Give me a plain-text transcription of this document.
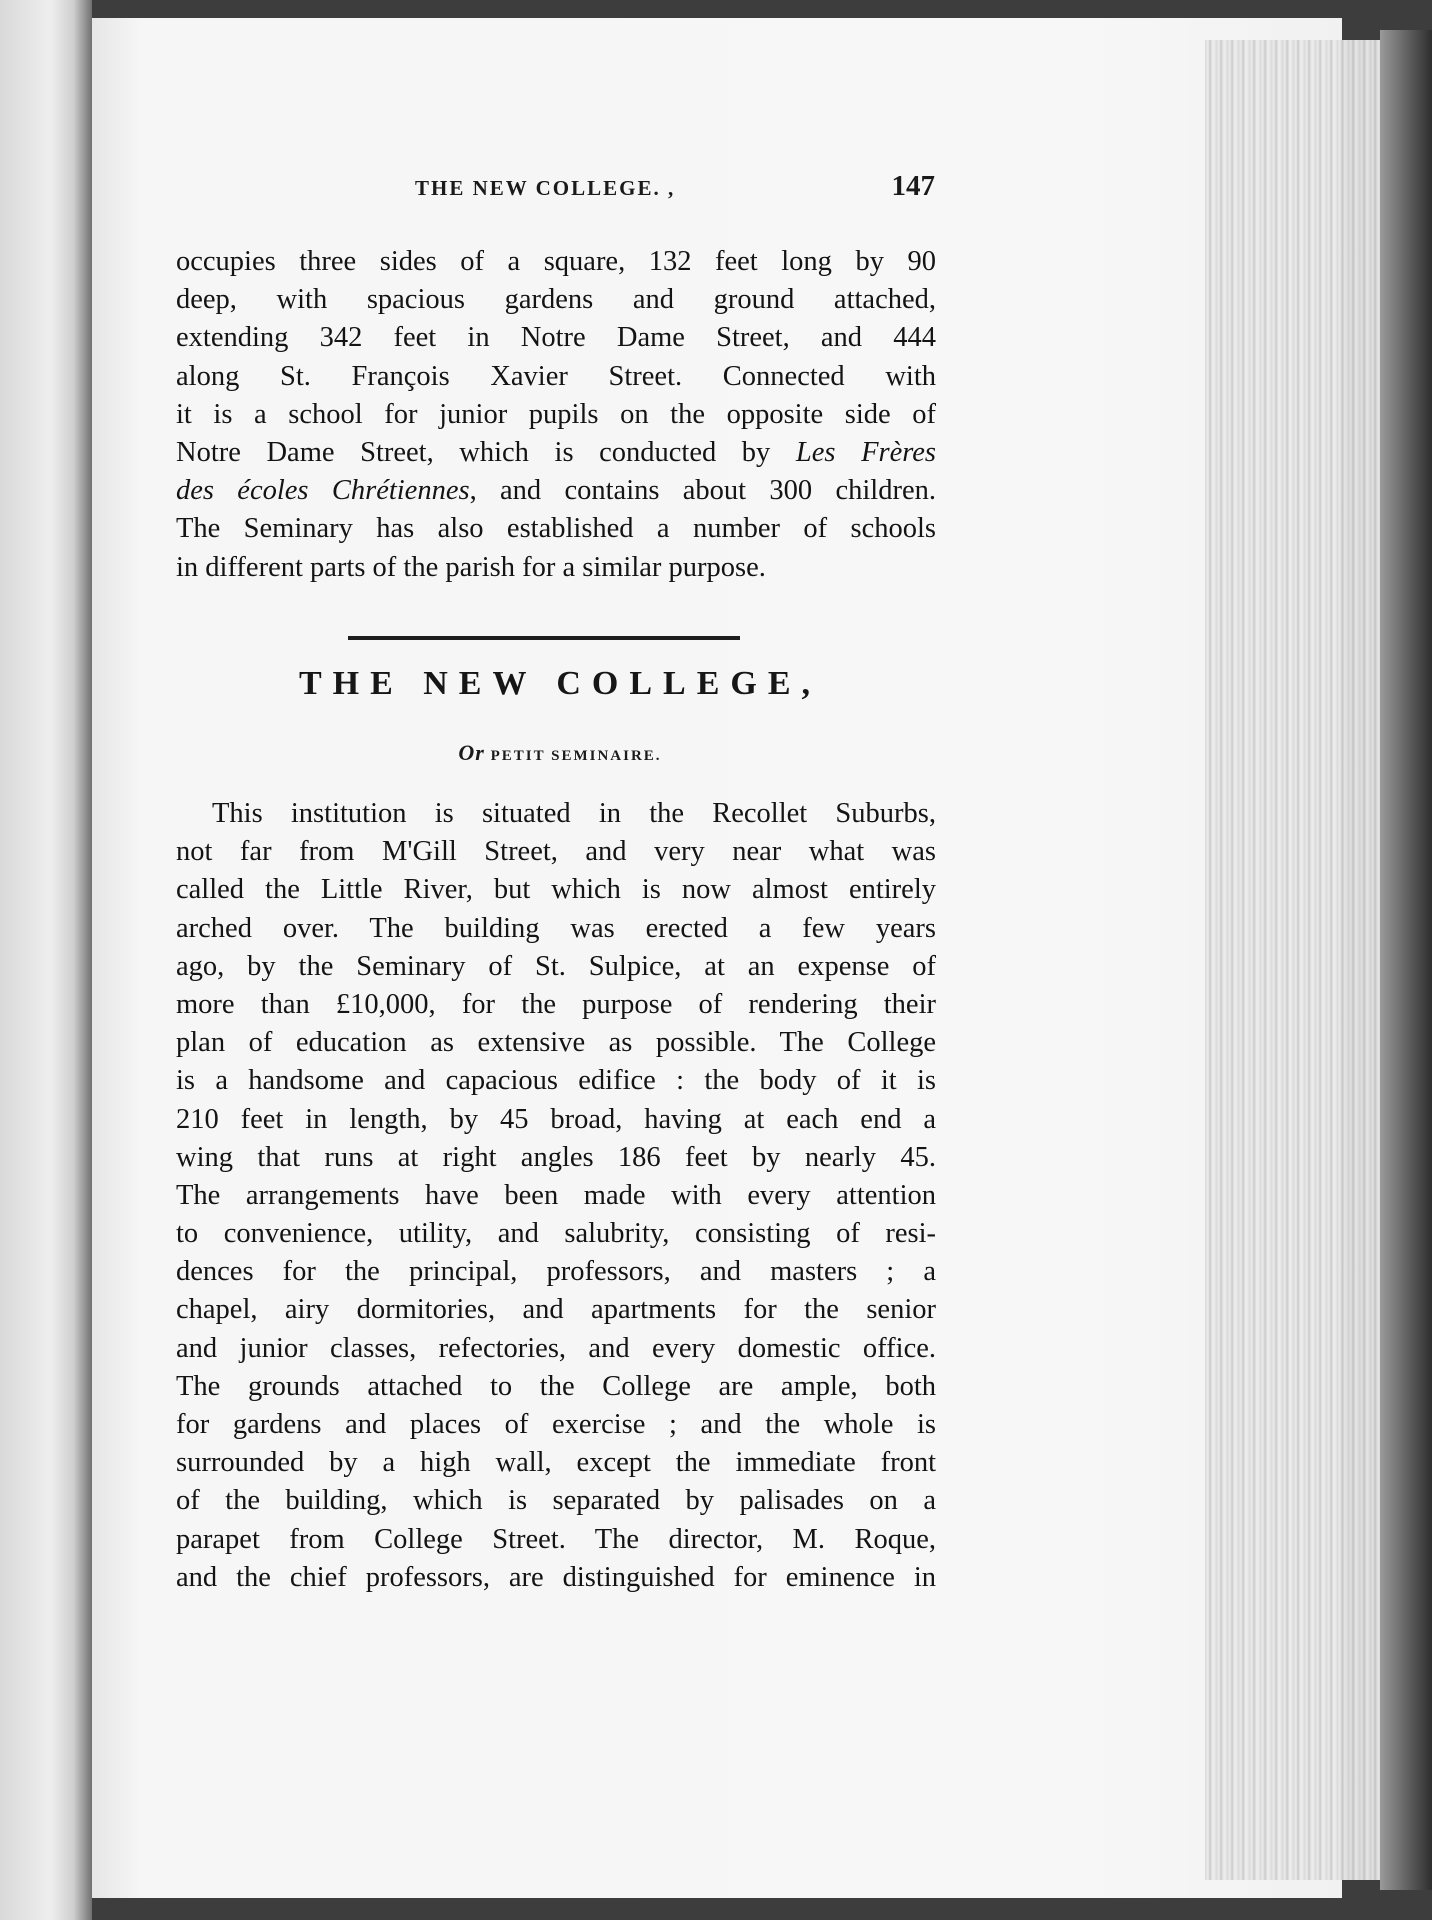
THE NEW COLLEGE. ,	147
occupies three sides of a square, 132 feet long by 90
deep, with spacious gardens and ground attached,
extending 342 feet in Notre Dame Street, and 444
along St. François Xavier Street. Connected with
it is a school for junior pupils on the opposite side of
Notre Dame Street, which is conducted by Les Frères
des écoles Chrétiennes, and contains about 300 children.
The Seminary has also established a number of schools
in different parts of the parish for a similar purpose.
THE NEW COLLEGE,
Or PETIT SEMINAIRE.
This institution is situated in the Recollet Suburbs,
not far from M'Gill Street, and very near what was
called the Little River, but which is now almost entirely
arched over. The building was erected a few years
ago, by the Seminary of St. Sulpice, at an expense of
more than £10,000, for the purpose of rendering their
plan of education as extensive as possible. The College
is a handsome and capacious edifice : the body of it is
210 feet in length, by 45 broad, having at each end a
wing that runs at right angles 186 feet by nearly 45.
The arrangements have been made with every attention
to convenience, utility, and salubrity, consisting of resi-
dences for the principal, professors, and masters ; a
chapel, airy dormitories, and apartments for the senior
and junior classes, refectories, and every domestic office.
The grounds attached to the College are ample, both
for gardens and places of exercise ; and the whole is
surrounded by a high wall, except the immediate front
of the building, which is separated by palisades on a
parapet from College Street. The director, M. Roque,
and the chief professors, are distinguished for eminence in
